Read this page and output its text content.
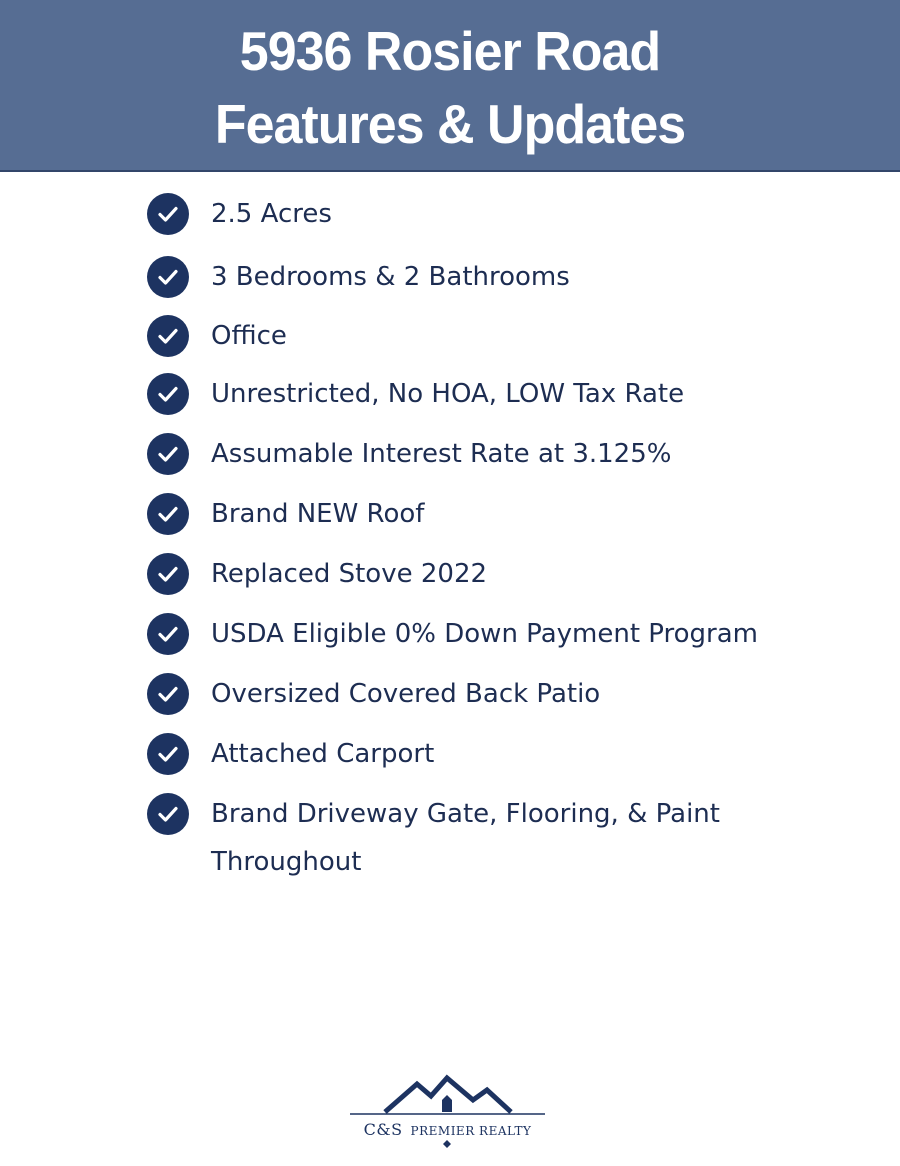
5936 Rosier Road
Features & Updates
2.5 Acres
3 Bedrooms & 2 Bathrooms
Office
Unrestricted, No HOA, LOW Tax Rate
Assumable Interest Rate at 3.125%
Brand NEW Roof
Replaced Stove 2022
USDA Eligible 0% Down Payment Program
Oversized Covered Back Patio
Attached Carport
Brand Driveway Gate, Flooring, & Paint Throughout
C&S PREMIER REALTY
